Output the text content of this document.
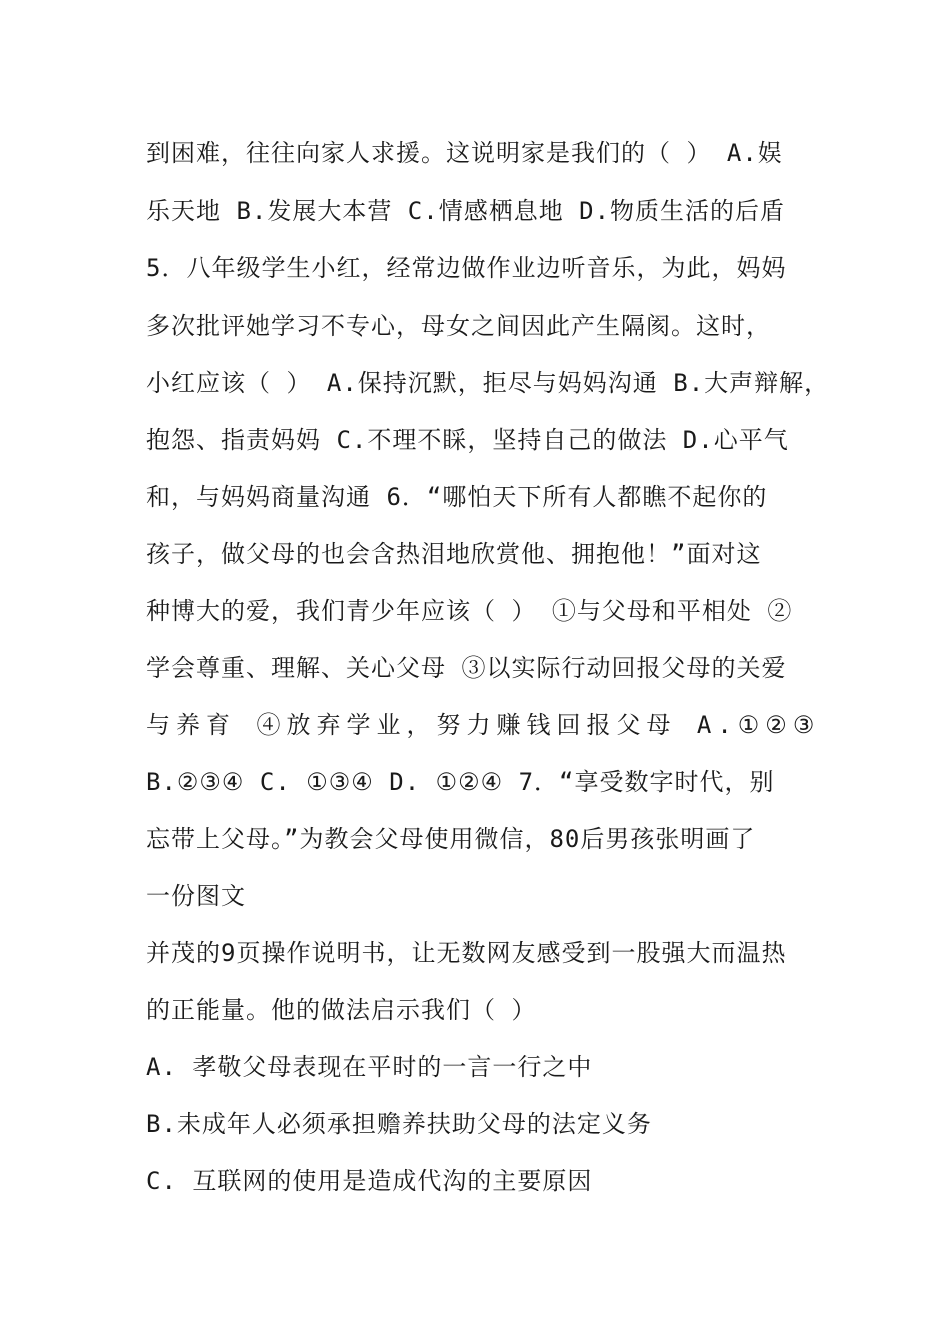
到困难，往往向家人求援。这说明家是我们的（ ） A.娱
乐天地 B.发展大本营 C.情感栖息地 D.物质生活的后盾
5．八年级学生小红，经常边做作业边听音乐，为此，妈妈
多次批评她学习不专心，母女之间因此产生隔阂。这时，
小红应该（ ） A.保持沉默，拒尽与妈妈沟通 B.大声辩解，
抱怨、指责妈妈 C.不理不睬，坚持自己的做法 D.心平气
和，与妈妈商量沟通 6．“哪怕天下所有人都瞧不起你的
孩子，做父母的也会含热泪地欣赏他、拥抱他！”面对这
种博大的爱，我们青少年应该（ ） ①与父母和平相处 ②
学会尊重、理解、关心父母 ③以实际行动回报父母的关爱
与养育 ④放弃学业，努力赚钱回报父母 A.①②③
B.②③④ C. ①③④ D. ①②④ 7．“享受数字时代，别
忘带上父母。”为教会父母使用微信，80后男孩张明画了
一份图文
并茂的9页操作说明书，让无数网友感受到一股强大而温热
的正能量。他的做法启示我们（ ）
A. 孝敬父母表现在平时的一言一行之中
B.未成年人必须承担赡养扶助父母的法定义务
C. 互联网的使用是造成代沟的主要原因
